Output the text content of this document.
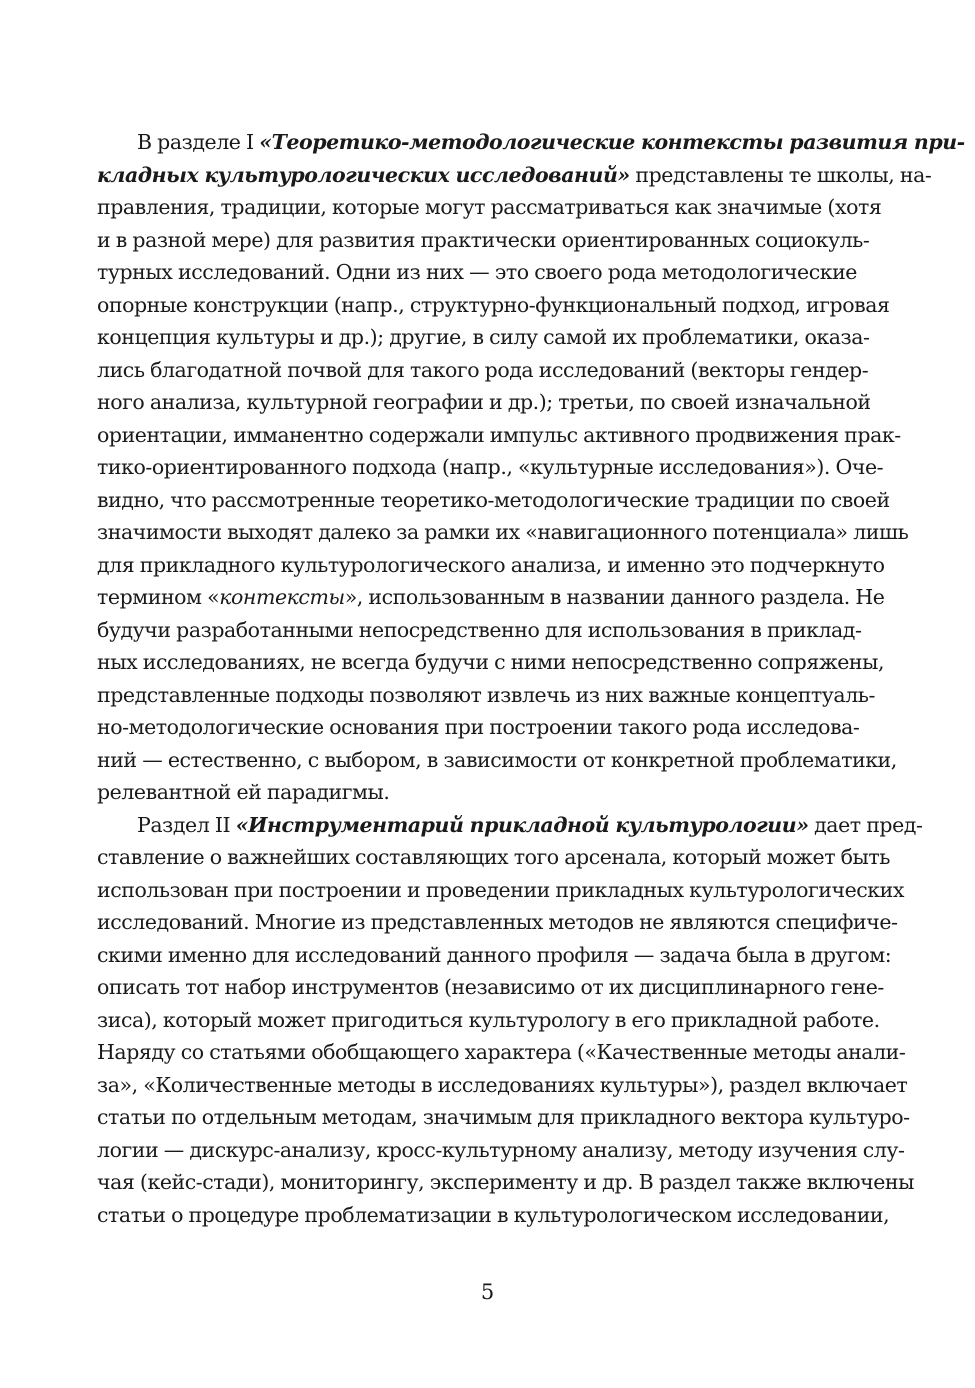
В разделе I «Теоретико-методологические контексты развития при-
кладных культурологических исследований» представлены те школы, на-
правления, традиции, которые могут рассматриваться как значимые (хотя
и в разной мере) для развития практически ориентированных социокуль-
турных исследований. Одни из них — это своего рода методологические
опорные конструкции (напр., структурно-функциональный подход, игровая
концепция культуры и др.); другие, в силу самой их проблематики, оказа-
лись благодатной почвой для такого рода исследований (векторы гендер-
ного анализа, культурной географии и др.); третьи, по своей изначальной
ориентации, имманентно содержали импульс активного продвижения прак-
тико-ориентированного подхода (напр., «культурные исследования»). Оче-
видно, что рассмотренные теоретико-методологические традиции по своей
значимости выходят далеко за рамки их «навигационного потенциала» лишь
для прикладного культурологического анализа, и именно это подчеркнуто
термином «контексты», использованным в названии данного раздела. Не
будучи разработанными непосредственно для использования в приклад-
ных исследованиях, не всегда будучи с ними непосредственно сопряжены,
представленные подходы позволяют извлечь из них важные концептуаль-
но-методологические основания при построении такого рода исследова-
ний — естественно, с выбором, в зависимости от конкретной проблематики,
релевантной ей парадигмы.
Раздел II «Инструментарий прикладной культурологии» дает пред-
ставление о важнейших составляющих того арсенала, который может быть
использован при построении и проведении прикладных культурологических
исследований. Многие из представленных методов не являются специфиче-
скими именно для исследований данного профиля — задача была в другом:
описать тот набор инструментов (независимо от их дисциплинарного гене-
зиса), который может пригодиться культурологу в его прикладной работе.
Наряду со статьями обобщающего характера («Качественные методы анали-
за», «Количественные методы в исследованиях культуры»), раздел включает
статьи по отдельным методам, значимым для прикладного вектора культуро-
логии — дискурс-анализу, кросс-культурному анализу, методу изучения слу-
чая (кейс-стади), мониторингу, эксперименту и др. В раздел также включены
статьи о процедуре проблематизации в культурологическом исследовании,
5
